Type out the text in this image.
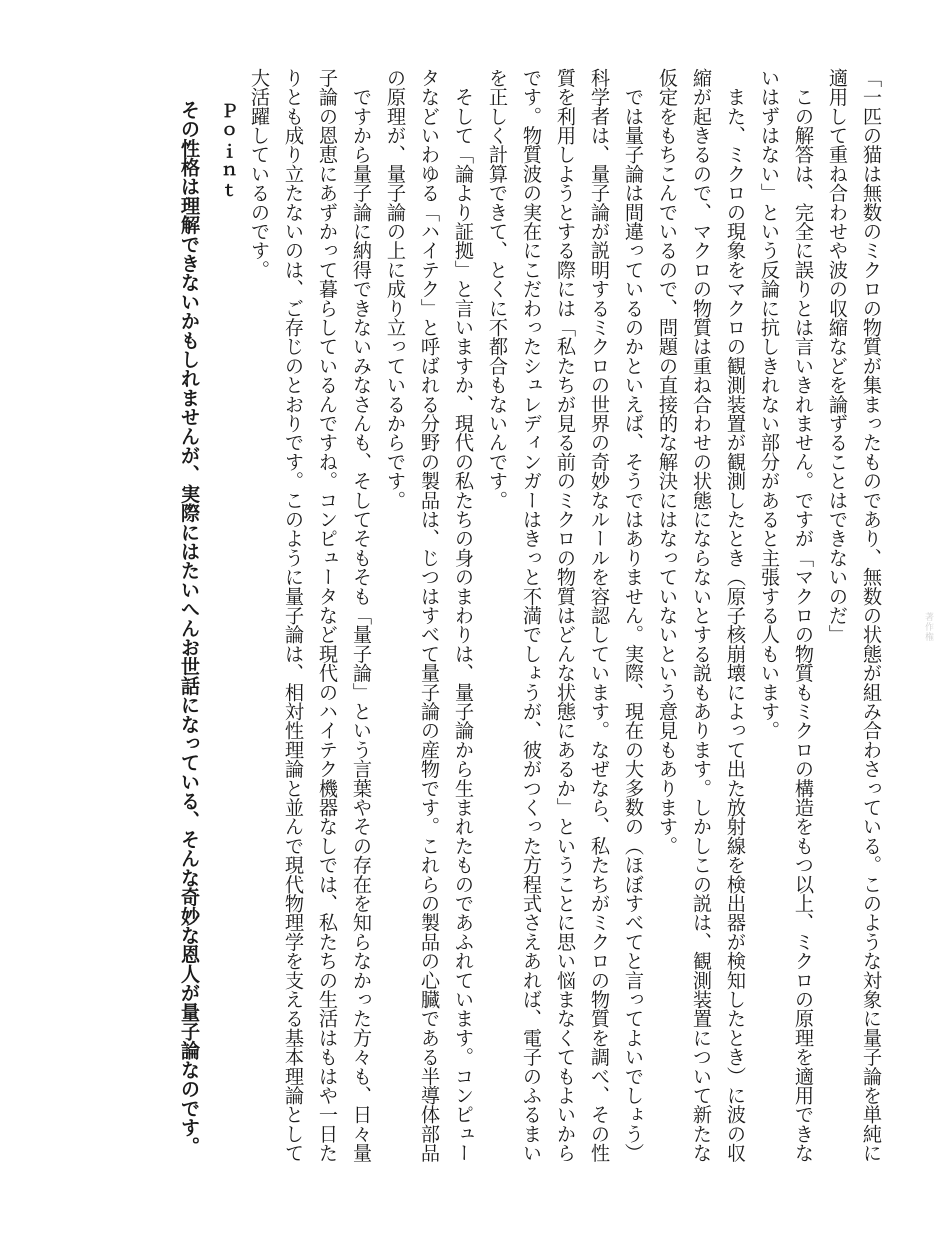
著作権
「一匹の猫は無数のミクロの物質が集まったものであり、無数の状態が組み合わさっている。このような対象に量子論を単純に
適用して重ね合わせや波の収縮などを論ずることはできないのだ」
　この解答は、完全に誤りとは言いきれません。ですが「マクロの物質もミクロの構造をもつ以上、ミクロの原理を適用できな
いはずはない」という反論に抗しきれない部分があると主張する人もいます。
　また、ミクロの現象をマクロの観測装置が観測したとき（原子核崩壊によって出た放射線を検出器が検知したとき）に波の収
縮が起きるので、マクロの物質は重ね合わせの状態にならないとする説もあります。しかしこの説は、観測装置について新たな
仮定をもちこんでいるので、問題の直接的な解決にはなっていないという意見もあります。
　では量子論は間違っているのかといえば、そうではありません。実際、現在の大多数の（ほぼすべてと言ってよいでしょう）
科学者は、量子論が説明するミクロの世界の奇妙なルールを容認しています。なぜなら、私たちがミクロの物質を調べ、その性
質を利用しようとする際には「私たちが見る前のミクロの物質はどんな状態にあるか」ということに思い悩まなくてもよいから
です。物質波の実在にこだわったシュレディンガーはきっと不満でしょうが、彼がつくった方程式さえあれば、電子のふるまい
を正しく計算できて、とくに不都合もないんです。
　そして「論より証拠」と言いますか、現代の私たちの身のまわりは、量子論から生まれたものであふれています。コンピュー
タなどいわゆる「ハイテク」と呼ばれる分野の製品は、じつはすべて量子論の産物です。これらの製品の心臓である半導体部品
の原理が、量子論の上に成り立っているからです。
　ですから量子論に納得できないみなさんも、そしてそもそも「量子論」という言葉やその存在を知らなかった方々も、日々量
子論の恩恵にあずかって暮らしているんですね。コンピュータなど現代のハイテク機器なしでは、私たちの生活はもはや一日た
りとも成り立たないのは、ご存じのとおりです。このように量子論は、相対性理論と並んで現代物理学を支える基本理論として
大活躍しているのです。
Ｐｏｉｎｔ
その性格は理解できないかもしれませんが、実際にはたいへんお世話になっている、そんな奇妙な恩人が量子論なのです。
